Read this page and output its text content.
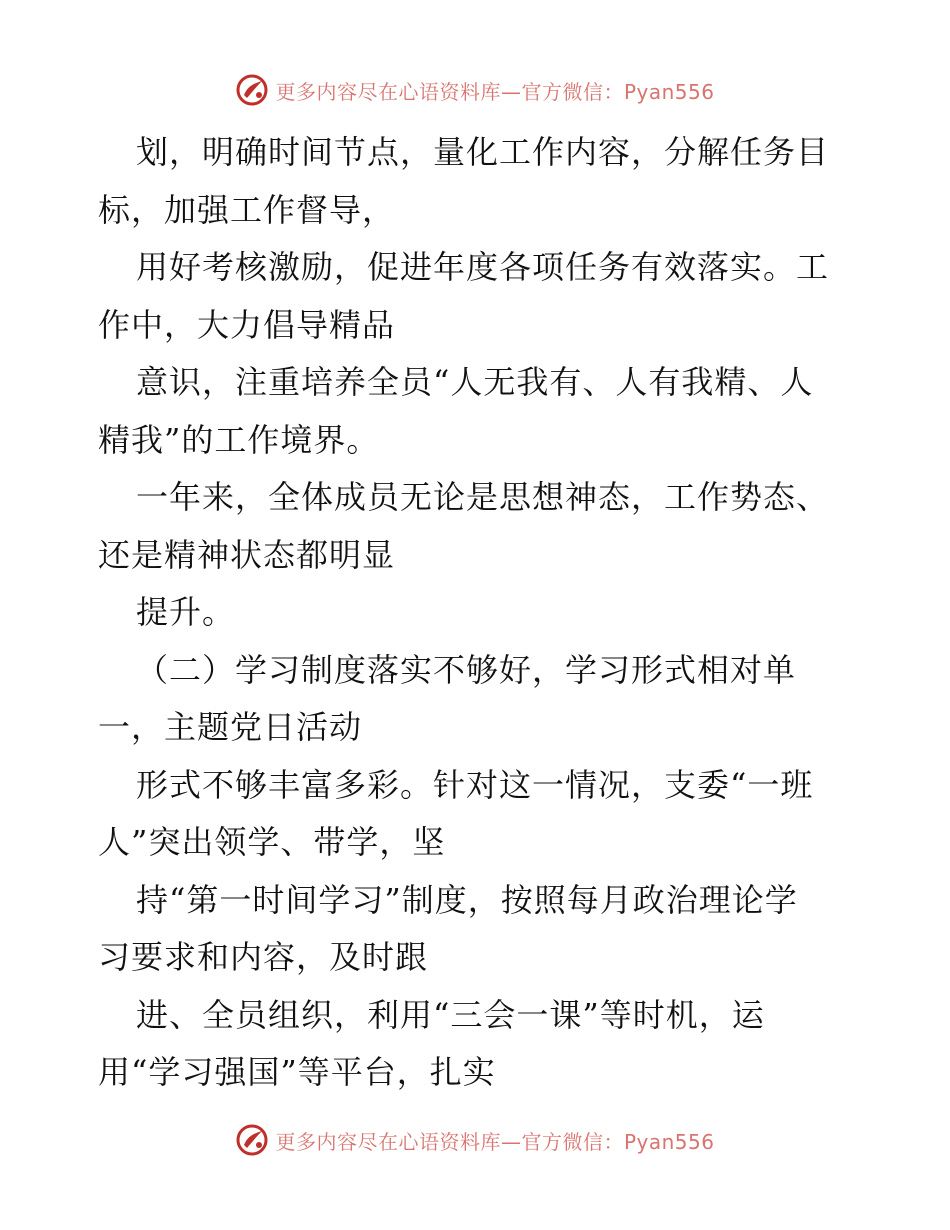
更多内容尽在心语资料库—官方微信：Pyan556
划，明确时间节点，量化工作内容，分解任务目
标，加强工作督导，
用好考核激励，促进年度各项任务有效落实。工
作中，大力倡导精品
意识，注重培养全员“人无我有、人有我精、人
精我”的工作境界。
一年来，全体成员无论是思想神态，工作势态、
还是精神状态都明显
提升。
（二）学习制度落实不够好，学习形式相对单
一，主题党日活动
形式不够丰富多彩。针对这一情况，支委“一班
人”突出领学、带学，坚
持“第一时间学习”制度，按照每月政治理论学
习要求和内容，及时跟
进、全员组织，利用“三会一课”等时机，运
用“学习强国”等平台，扎实
更多内容尽在心语资料库—官方微信：Pyan556
